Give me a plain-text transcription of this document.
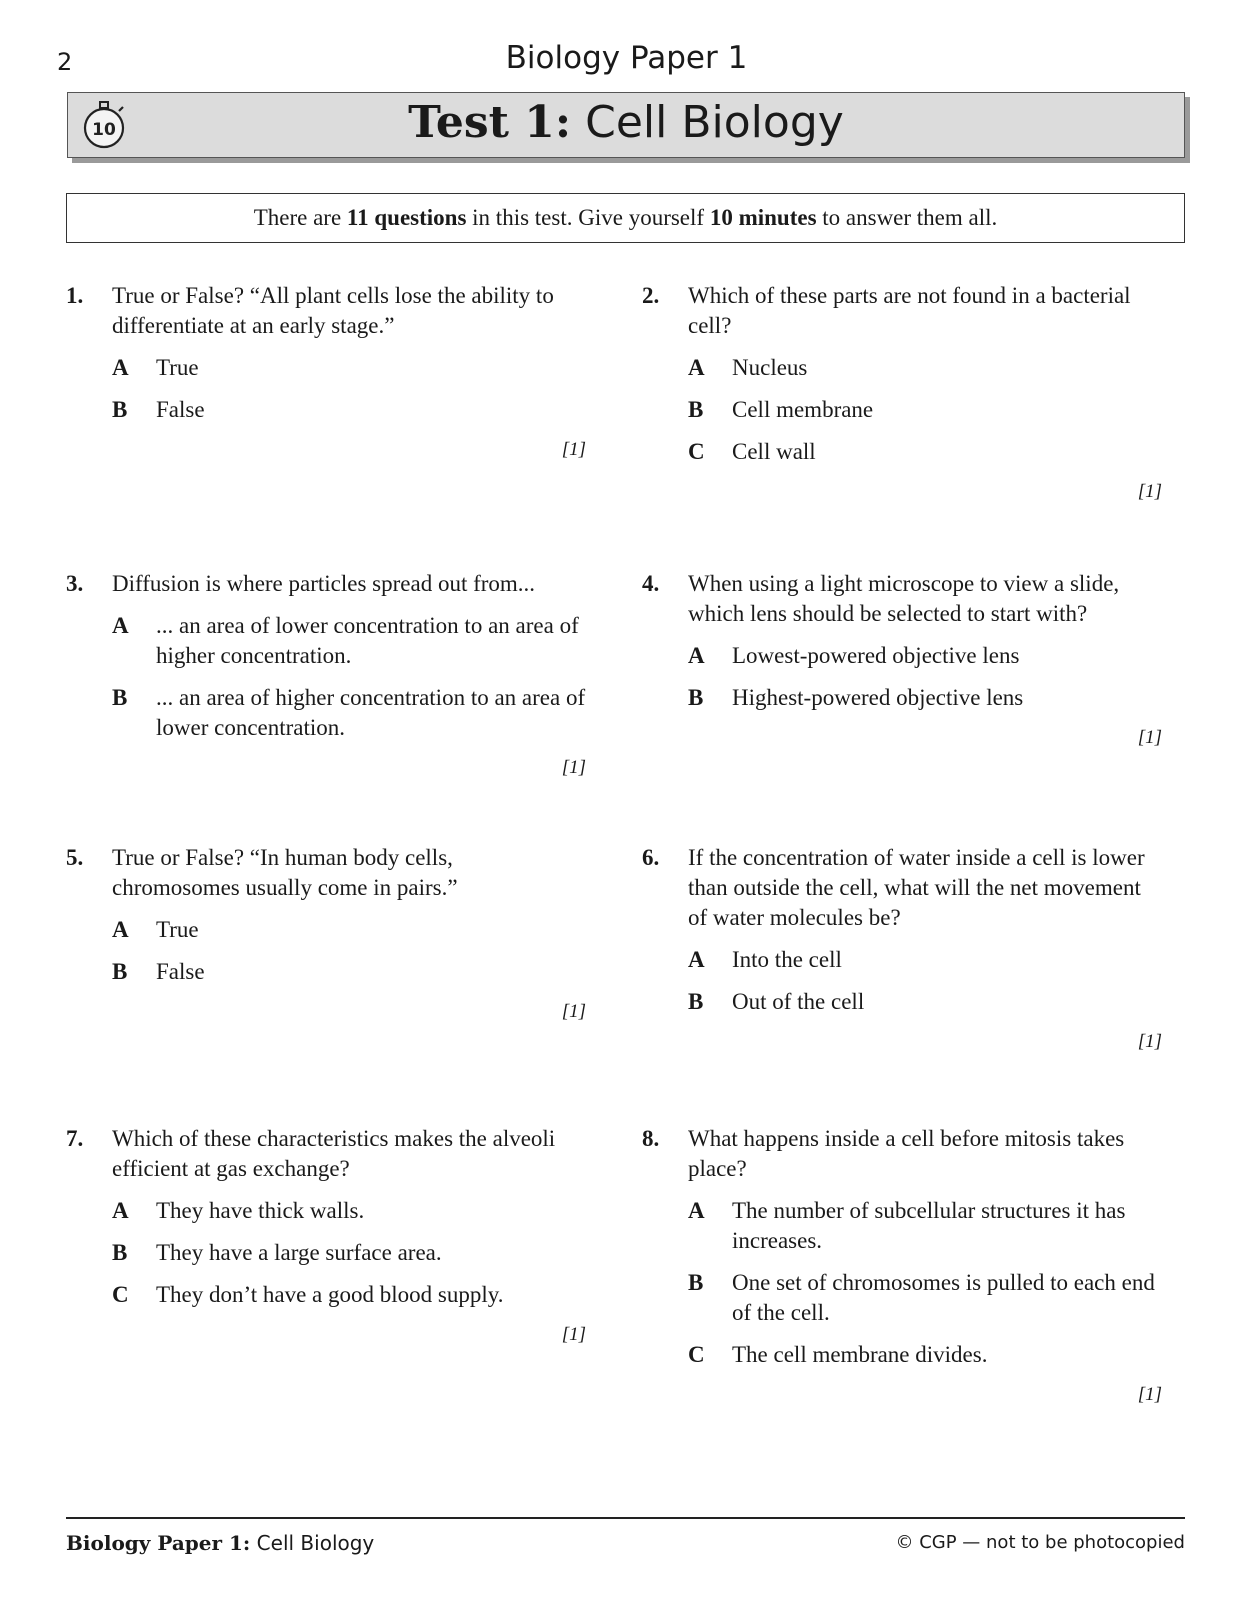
2	Biology Paper 1
10	Test 1: Cell Biology
There are 11 questions in this test. Give yourself 10 minutes to answer them all.
1. True or False? “All plant cells lose the ability to differentiate at an early stage.”
A True
B False
[1]
2. Which of these parts are not found in a bacterial cell?
A Nucleus
B Cell membrane
C Cell wall
[1]
3. Diffusion is where particles spread out from...
A ... an area of lower concentration to an area of higher concentration.
B ... an area of higher concentration to an area of lower concentration.
[1]
4. When using a light microscope to view a slide, which lens should be selected to start with?
A Lowest-powered objective lens
B Highest-powered objective lens
[1]
5. True or False? “In human body cells, chromosomes usually come in pairs.”
A True
B False
[1]
6. If the concentration of water inside a cell is lower than outside the cell, what will the net movement of water molecules be?
A Into the cell
B Out of the cell
[1]
7. Which of these characteristics makes the alveoli efficient at gas exchange?
A They have thick walls.
B They have a large surface area.
C They don’t have a good blood supply.
[1]
8. What happens inside a cell before mitosis takes place?
A The number of subcellular structures it has increases.
B One set of chromosomes is pulled to each end of the cell.
C The cell membrane divides.
[1]
Biology Paper 1: Cell Biology	© CGP — not to be photocopied
